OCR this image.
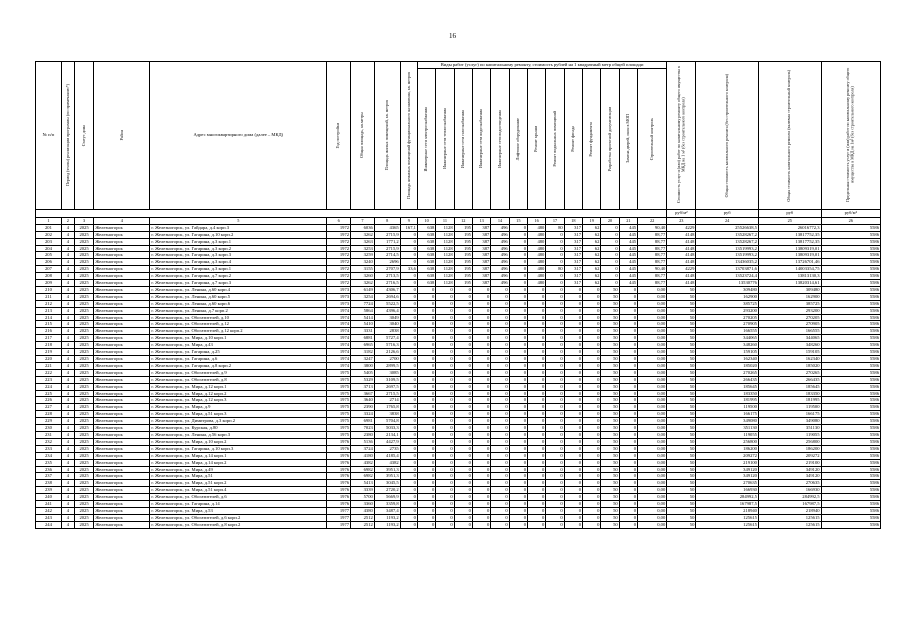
16
№ п/п	Период (этапы) реализации программы (по примечанию*)	Статус дома	Район	Адрес многоквартирного дома (далее – МКД)	Год постройки	Общая площадь, кв.метры	Площадь жилых помещений, кв. метров	Площадь нежилых помещений функционального назначения, кв. метров	Виды работ (услуг) по капитальному ремонту, стоимость рублей на 1 квадратный метр общей площади													Стоимость услуг и (или) работ по капитальному ремонту общего имущества в МКД на 1 м² (без строительного контроля)	Общая стоимость капитального ремонта (без строительного контроля)	Общая стоимость капитального ремонта (включая строительный контроль)	Предельная стоимость услуг и (или) работ по капитальному ремонту общего имущества в МКД на 1м² (без строительного контроля)

									Инженерные сети электроснабжения	Инженерные сети теплоснабжения	Инженерные сети газоснабжения	Инженерные сети водоснабжения	Инженерные сети водоотведения	Лифтовое оборудование	Ремонт крыши	Ремонт подвальных помещений	Ремонт фасада	Ремонт фундамента	Разработка проектной документации	Замена дверей, окон в МОП	Строительный контроль				

																						руб/м²	руб	руб	руб/м²
1	2	3	4	5	6	7	8	9	10	11	12	13	14	15	16	17	18	19	20	21	22	23	24	25	26
201	4	2025	Железногорск	г. Железногорск, ул. Гайдара, д.4 корп.3	1972	6036	4365	167,1	638	1128	195	387	496	0	480	80	317	62	0	445	90,40	4229	25526638,5	26016772,3	5586
202	4	2025	Железногорск	г. Железногорск, ул. Гагарина, д.10 корп.2	1972	3262	2715,9	0	638	1128	195	387	496	0	480	0	317	62	0	445	88,77	4148	13528267,2	13817752,35	5586
203	4	2025	Железногорск	г. Железногорск, ул. Гагарина, д.3 корп.1	1972	3263	1771,2	0	638	1128	195	387	496	0	480	0	317	62	0	445	88,77	4148	13528267,2	13817752,35	5586
204	4	2025	Железногорск	г. Железногорск, ул. Гагарина, д.3 корп.2	1972	3253	2715,9	0	638	1128	195	387	496	0	480	0	317	62	0	445	88,77	4148	13519993,2	13809319,01	5586
205	4	2025	Железногорск	г. Железногорск, ул. Гагарина, д.3 корп.3	1972	3259	2714,5	0	638	1128	195	387	496	0	480	0	317	62	0	445	88,77	4148	13519993,2	13809319,01	5586
206	4	2025	Железногорск	г. Железногорск, ул. Гагарина, д.3 корп.4	1972	3240	2696	0	638	1128	195	387	496	0	480	0	317	62	0	445	88,77	4148	13436035,2	13726701,46	5586
207	4	2025	Железногорск	г. Железногорск, ул. Гагарина, д.3 корп.1	1972	3155	2707,9	33,6	638	1128	195	387	496	0	480	80	317	62	0	445	90,40	4229	13703871,6	14003354,75	5586
208	4	2025	Железногорск	г. Железногорск, ул. Гагарина, д.7 корп.2	1972	3260	2713,5	0	638	1128	195	387	496	0	480	0	317	62	0	445	88,77	4148	13523724,4	13813130,3	5586
209	4	2025	Железногорск	г. Железногорск, ул. Гагарина, д.7 корп.3	1972	3262	2716,5	0	638	1128	195	387	496	0	480	0	317	62	0	445	88,77	4148	13530776	13820314,61	5586
210	4	2025	Железногорск	г. Железногорск, ул. Ленина, д.60 корп.4	1973	6149	4306,7	0	0	0	0	0	0	0	0	0	0	0	50	0	0,00	50	309480	309480	5586
211	4	2025	Железногорск	г. Железногорск, ул. Ленина, д.60 корп.5	1973	3254	2694,6	0	0	0	0	0	0	0	0	0	0	0	50	0	0,00	50	162900	162900	5586
212	4	2025	Железногорск	г. Железногорск, ул. Ленина, д.60 корп.6	1973	7724	5522,5	0	0	0	0	0	0	0	0	0	0	0	50	0	0,00	50	385725	385725	5586
213	4	2025	Железногорск	г. Железногорск, ул. Ленина, д.7 корп.2	1974	5864	4396,4	0	0	0	0	0	0	0	0	0	0	0	50	0	0,00	50	293200	293200	5586
214	4	2025	Железногорск	г. Железногорск, ул. Обогатителей, д.10	1974	5414	3049	0	0	0	0	0	0	0	0	0	0	0	50	0	0,00	50	270205	270205	5586
215	4	2025	Железногорск	г. Железногорск, ул. Обогатителей, д.12	1974	5410	3040	0	0	0	0	0	0	0	0	0	0	0	50	0	0,00	50	270905	270905	5586
216	4	2025	Железногорск	г. Железногорск, ул. Обогатителей, д.12 корп.2	1974	3331	2838	0	0	0	0	0	0	0	0	0	0	0	50	0	0,00	50	166555	166555	5586
217	4	2025	Железногорск	г. Железногорск, ул. Мира, д.10 корп.1	1974	6881	5727,4	0	0	0	0	0	0	0	0	0	0	0	50	0	0,00	50	344065	344065	5586
218	4	2025	Железногорск	г. Железногорск, ул. Мира, д.43	1974	6965	5716,3	0	0	0	0	0	0	0	0	0	0	0	50	0	0,00	50	348260	348260	5586
219	4	2025	Железногорск	г. Железногорск, ул. Гагарина, д.25	1974	3182	2126,6	0	0	0	0	0	0	0	0	0	0	0	50	0	0,00	50	159105	159105	5586
220	4	2025	Железногорск	г. Железногорск, ул. Гагарина, д.6	1974	3247	2700	0	0	0	0	0	0	0	0	0	0	0	50	0	0,00	50	162340	162340	5586
221	4	2025	Железногорск	г. Железногорск, ул. Гагарина, д.8 корп.2	1974	3800	2899,5	0	0	0	0	0	0	0	0	0	0	0	50	0	0,00	50	185020	185020	5586
222	4	2025	Железногорск	г. Железногорск, ул. Обогатителей, д.9	1975	5405	3085	0	0	0	0	0	0	0	0	0	0	0	50	0	0,00	50	270265	270265	5586
223	4	2025	Железногорск	г. Железногорск, ул. Обогатителей, д.8	1975	5329	3109,5	0	0	0	0	0	0	0	0	0	0	0	50	0	0,00	50	266435	266435	5586
224	4	2025	Железногорск	г. Железногорск, ул. Мира, д.12 корп.1	1975	3713	2697,5	0	0	0	0	0	0	0	0	0	0	0	50	0	0,00	50	185645	185645	5586
225	4	2025	Железногорск	г. Железногорск, ул. Мира, д.12 корп.2	1975	3667	2715,5	0	0	0	0	0	0	0	0	0	0	0	50	0	0,00	50	183350	183350	5586
226	4	2025	Железногорск	г. Железногорск, ул. Мира, д.12 корп.3	1975	3640	2714	0	0	0	0	0	0	0	0	0	0	0	50	0	0,00	50	181995	181995	5586
227	4	2025	Железногорск	г. Железногорск, ул. Мира, д.9	1975	2390	1765,8	0	0	0	0	0	0	0	0	0	0	0	50	0	0,00	50	119500	119500	5586
228	4	2025	Железногорск	г. Железногорск, ул. Мира, д.51 корп.3	1975	3324	3838	0	0	0	0	0	0	0	0	0	0	0	50	0	0,00	50	166175	166175	5586
229	4	2025	Железногорск	г. Железногорск, ул. Димитрова, д.3 корп.2	1975	6981	5704,8	0	0	0	0	0	0	0	0	0	0	0	50	0	0,00	50	349080	349080	5586
230	4	2025	Железногорск	г. Железногорск, ул. Курская, д.80	1975	7023	5033,3	0	0	0	0	0	0	0	0	0	0	0	50	0	0,00	50	351130	351130	5586
231	4	2025	Железногорск	г. Железногорск, ул. Ленина, д.56 корп.3	1975	2380	2134,1	0	0	0	0	0	0	0	0	0	0	0	50	0	0,00	50	119055	119055	5586
232	4	2025	Железногорск	г. Железногорск, ул. Мира, д.10 корп.2	1976	5136	4427,9	0	0	0	0	0	0	0	0	0	0	0	50	0	0,00	50	256800	256800	5586
233	4	2025	Железногорск	г. Железногорск, ул. Гагарина, д.10 корп.3	1976	3724	2735	0	0	0	0	0	0	0	0	0	0	0	50	0	0,00	50	186200	186200	5586
234	4	2025	Железногорск	г. Железногорск, ул. Мира, д.14 корп.1	1976	4180	4185,4	0	0	0	0	0	0	0	0	0	0	0	50	0	0,00	50	209272	209272	5586
235	4	2025	Железногорск	г. Железногорск, ул. Мира, д.14 корп.2	1976	4382	4382	0	0	0	0	0	0	0	0	0	0	0	50	0	0,00	50	219100	219100	5586
236	4	2025	Железногорск	г. Железногорск, ул. Мира, д.49	1976	6982	3951,3	0	0	0	0	0	0	0	0	0	0	0	50	0	0,00	50	349120	349120	5586
237	4	2025	Железногорск	г. Железногорск, ул. Мира, д.51	1976	6982	3951,3	0	0	0	0	0	0	0	0	0	0	0	50	0	0,00	50	349120	349120	5586
238	4	2025	Железногорск	г. Железногорск, ул. Мира, д.51 корп.2	1976	5413	3045,5	0	0	0	0	0	0	0	0	0	0	0	50	0	0,00	50	270635	270635	5586
239	4	2025	Железногорск	г. Железногорск, ул. Мира, д.51 корп.4	1976	3339	2720,2	0	0	0	0	0	0	0	0	0	0	0	50	0	0,00	50	166930	166930	5586
240	4	2025	Железногорск	г. Железногорск, ул. Обогатителей, д.6	1976	5700	5669,9	0	0	0	0	0	0	0	0	0	0	0	50	0	0,00	50	284992,5	284992,5	5586
241	4	2025	Железногорск	г. Железногорск, ул. Гагарина, д.14	1976	3360	3359,8	0	0	0	0	0	0	0	0	0	0	0	50	0	0,00	50	167987,5	167987,5	5586
242	4	2025	Железногорск	г. Железногорск, ул. Мира, д.53	1977	4380	3487,4	0	0	0	0	0	0	0	0	0	0	0	50	0	0,00	50	218940	218940	5586
243	4	2025	Железногорск	г. Железногорск, ул. Обогатителей, д.6 корп.2	1977	2512	1193,2	0	0	0	0	0	0	0	0	0	0	0	50	0	0,00	50	125615	125615	5586
244	4	2025	Железногорск	г. Железногорск, ул. Обогатителей, д.8 корп.2	1977	2512	1193,2	0	0	0	0	0	0	0	0	0	0	0	50	0	0,00	50	125615	125615	5586
